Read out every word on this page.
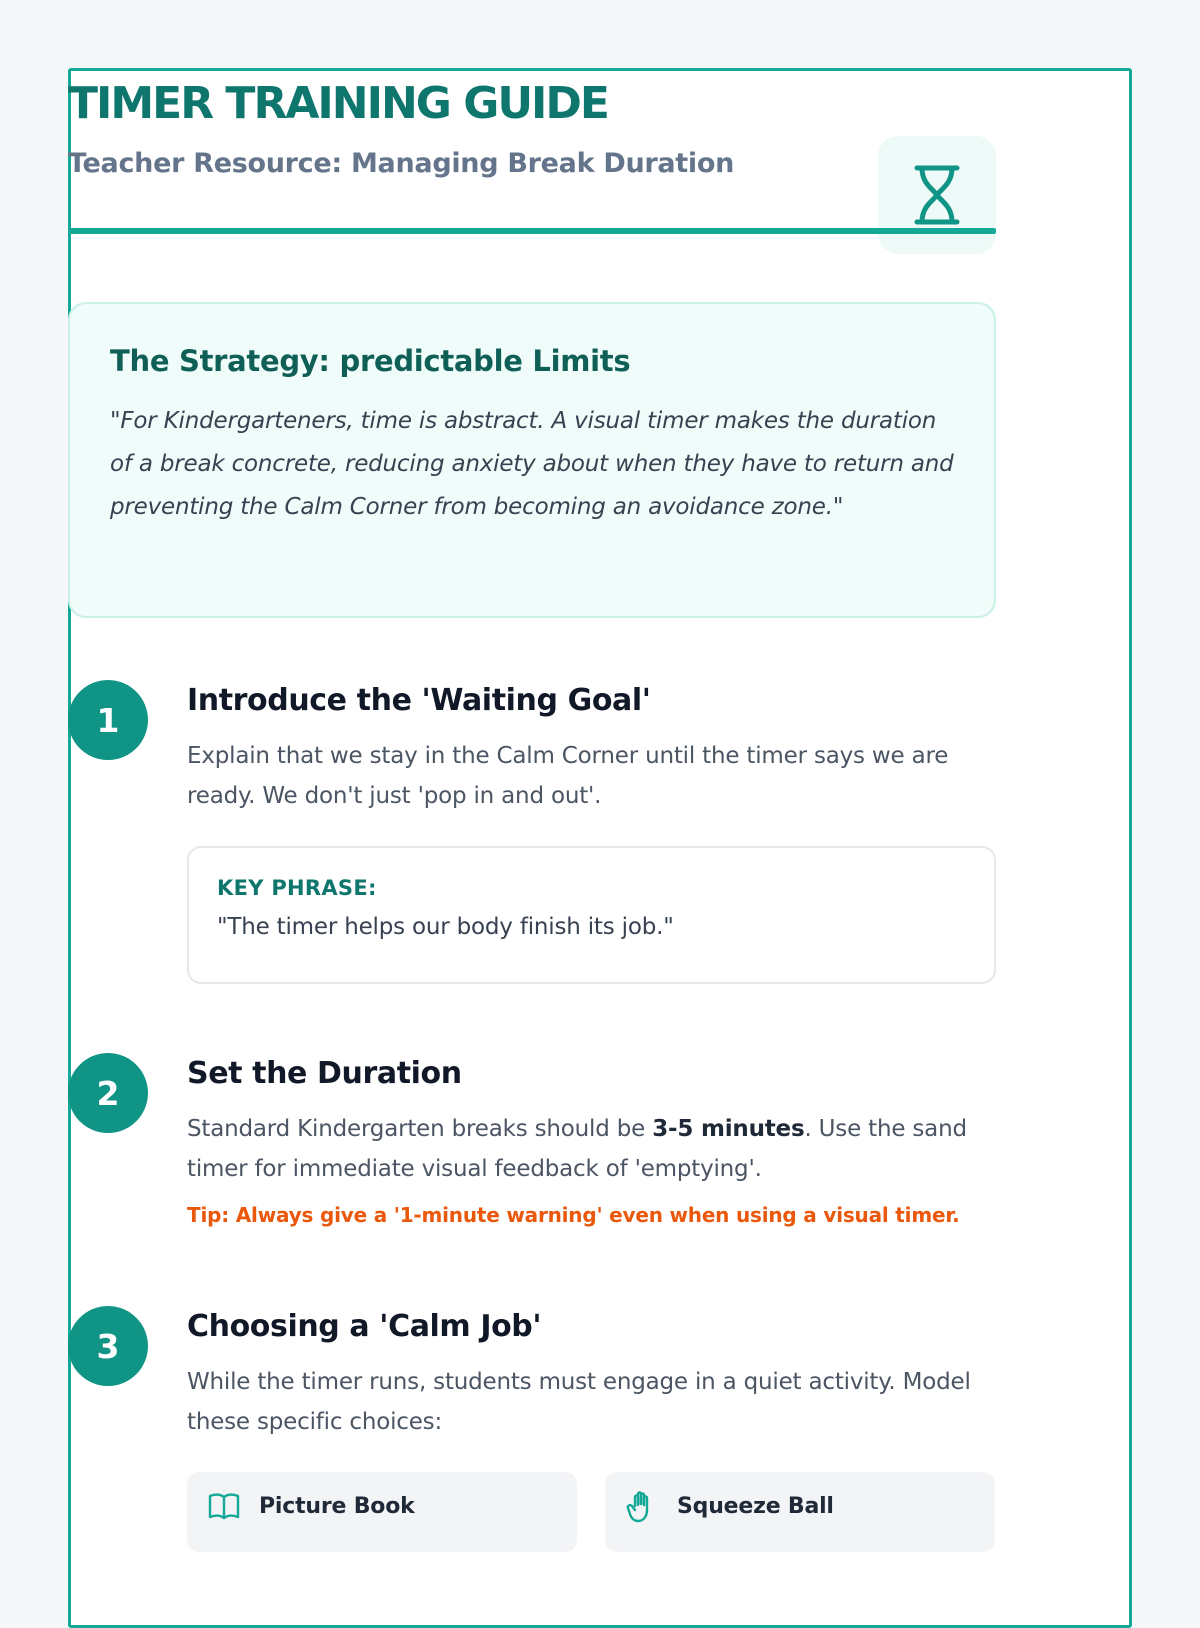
TIMER TRAINING GUIDE

Teacher Resource: Managing Break Duration

The Strategy: predictable Limits

"For Kindergarteners, time is abstract. A visual timer makes the duration of a break concrete, reducing anxiety about when they have to return and preventing the Calm Corner from becoming an avoidance zone."

1	Introduce the 'Waiting Goal'

Explain that we stay in the Calm Corner until the timer says we are ready. We don't just 'pop in and out'.

KEY PHRASE:
"The timer helps our body finish its job."
2	Set the Duration

Standard Kindergarten breaks should be 3-5 minutes. Use the sand timer for immediate visual feedback of 'emptying'.

Tip: Always give a '1-minute warning' even when using a visual timer.

3	Choosing a 'Calm Job'

While the timer runs, students must engage in a quiet activity. Model these specific choices:

Picture Book	Squeeze Ball
